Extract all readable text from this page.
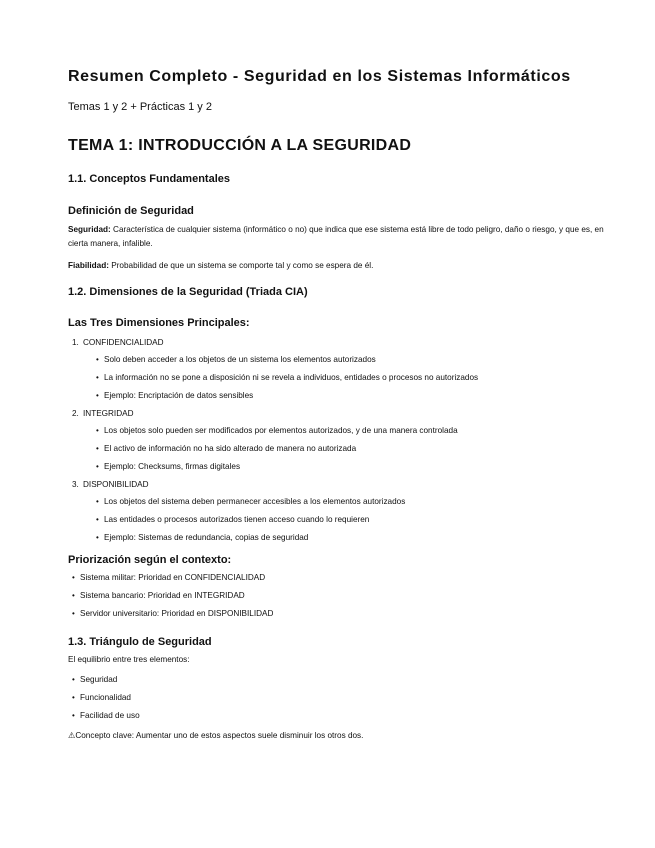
Resumen Completo - Seguridad en los Sistemas Informáticos

Temas 1 y 2 + Prácticas 1 y 2

TEMA 1: INTRODUCCIÓN A LA SEGURIDAD
1.1. Conceptos Fundamentales
Definición de Seguridad

Seguridad: Característica de cualquier sistema (informático o no) que indica que ese sistema está libre de todo peligro, daño o riesgo, y que es, en cierta manera, infalible.

Fiabilidad: Probabilidad de que un sistema se comporte tal y como se espera de él.

1.2. Dimensiones de la Seguridad (Triada CIA)
Las Tres Dimensiones Principales:
1. CONFIDENCIALIDAD
• Solo deben acceder a los objetos de un sistema los elementos autorizados
• La información no se pone a disposición ni se revela a individuos, entidades o procesos no autorizados
• Ejemplo: Encriptación de datos sensibles
2. INTEGRIDAD
• Los objetos solo pueden ser modificados por elementos autorizados, y de una manera controlada
• El activo de información no ha sido alterado de manera no autorizada
• Ejemplo: Checksums, firmas digitales
3. DISPONIBILIDAD
• Los objetos del sistema deben permanecer accesibles a los elementos autorizados
• Las entidades o procesos autorizados tienen acceso cuando lo requieren
• Ejemplo: Sistemas de redundancia, copias de seguridad
Priorización según el contexto:
• Sistema militar: Prioridad en CONFIDENCIALIDAD
• Sistema bancario: Prioridad en INTEGRIDAD
• Servidor universitario: Prioridad en DISPONIBILIDAD
1.3. Triángulo de Seguridad

El equilibrio entre tres elementos:

• Seguridad
• Funcionalidad
• Facilidad de uso

⚠Concepto clave: Aumentar uno de estos aspectos suele disminuir los otros dos.
